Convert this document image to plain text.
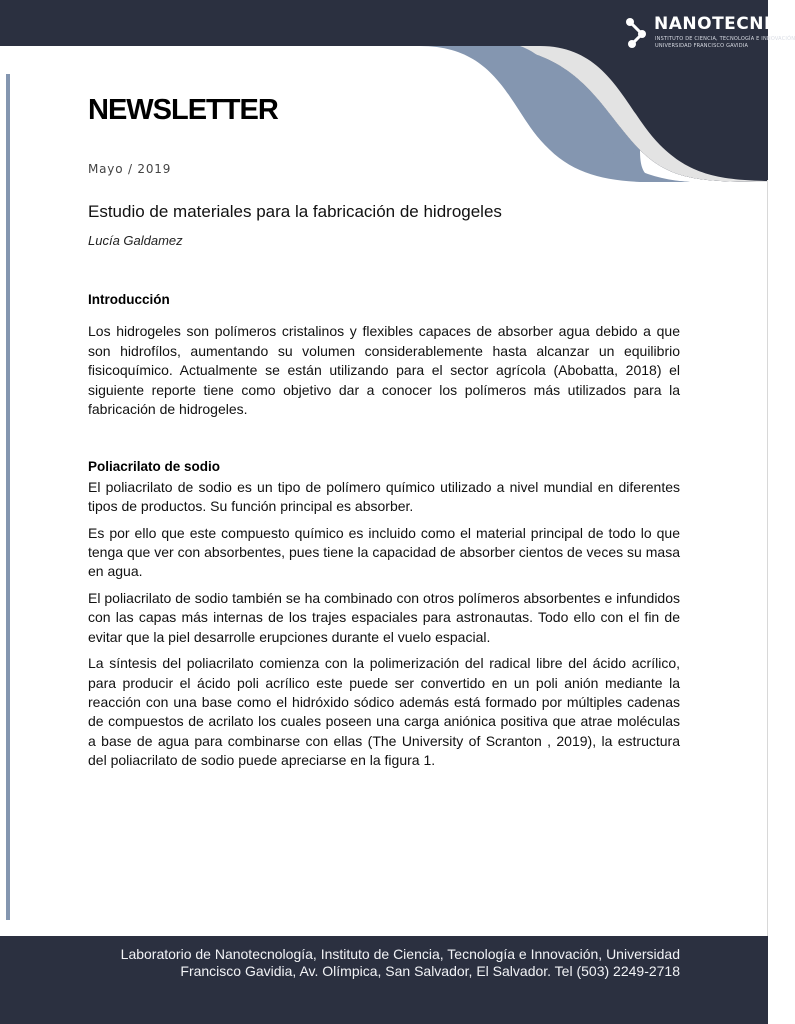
NANOTECNIA
INSTITUTO DE CIENCIA, TECNOLOGÍA E INNOVACIÓN
UNIVERSIDAD FRANCISCO GAVIDIA
NEWSLETTER
Mayo / 2019
Estudio de materiales para la fabricación de hidrogeles
Lucía Galdamez
Introducción

Los hidrogeles son polímeros cristalinos y flexibles capaces de absorber agua debido a que son hidrofílos, aumentando su volumen considerablemente hasta alcanzar un equilibrio fisicoquímico. Actualmente se están utilizando para el sector agrícola (Abobatta, 2018) el siguiente reporte tiene como objetivo dar a conocer los polímeros más utilizados para la fabricación de hidrogeles.

Poliacrilato de sodio

El poliacrilato de sodio es un tipo de polímero químico utilizado a nivel mundial en diferentes tipos de productos. Su función principal es absorber.

Es por ello que este compuesto químico es incluido como el material principal de todo lo que tenga que ver con absorbentes, pues tiene la capacidad de absorber cientos de veces su masa en agua.

El poliacrilato de sodio también se ha combinado con otros polímeros absorbentes e infundidos con las capas más internas de los trajes espaciales para astronautas. Todo ello con el fin de evitar que la piel desarrolle erupciones durante el vuelo espacial.

La síntesis del poliacrilato comienza con la polimerización del radical libre del ácido acrílico, para producir el ácido poli acrílico este puede ser convertido en un poli anión mediante la reacción con una base como el hidróxido sódico además está formado por múltiples cadenas de compuestos de acrilato los cuales poseen una carga aniónica positiva que atrae moléculas a base de agua para combinarse con ellas (The University of Scranton , 2019), la estructura del poliacrilato de sodio puede apreciarse en la figura 1.

Laboratorio de Nanotecnología, Instituto de Ciencia, Tecnología e Innovación, Universidad
Francisco Gavidia, Av. Olímpica, San Salvador, El Salvador. Tel (503) 2249-2718
